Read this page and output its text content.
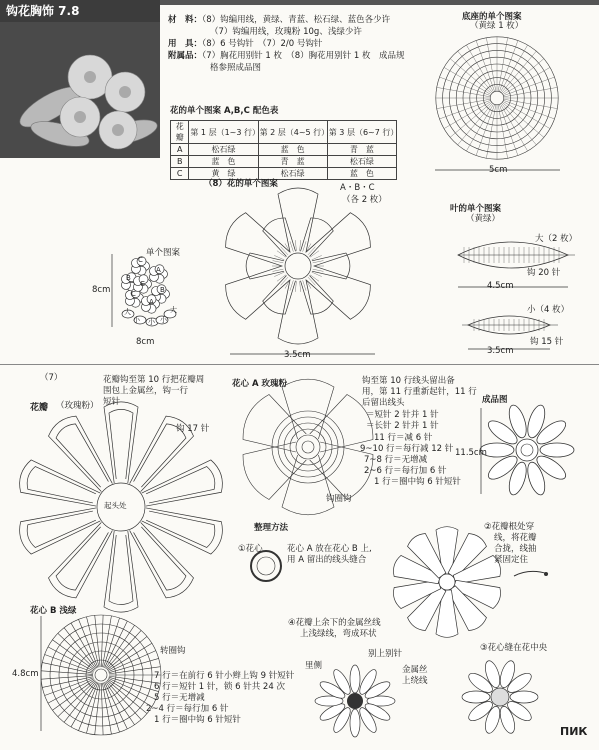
钩花胸饰 7.8
材　料：（8）钩编用线，黄绿、青蓝、松石绿、蓝色各少许
（7）钩编用线，玫瑰粉 10g、浅绿少许
用　具：（8）6 号钩针　（7）2/0 号钩针
附属品：（7）胸花用别针 1 枚　（8）胸花用别针 1 枚　成品规
格参照成品图
花的单个图案 A,B,C 配色表
花瓣	第 1 层（1~3 行）	第 2 层（4~5 行）	第 3 层（6~7 行）
A	松石绿	蓝　色	青　蓝
B	蓝　色	青　蓝	松石绿
C	黄　绿	松石绿	蓝　色
底座的单个图案
（黄绿 1 枚）
5cm
（8）花的单个图案	A・B・C
（各 2 枚）
3.5cm
单个图案
8cm
8cm
C
A
B
B
C
A
C
大	大
小 小 小
叶的单个图案
（黄绿）
大（2 枚）
钩 20 针
4.5cm
小（4 枚）
钩 15 针
3.5cm
（7）
花瓣 （玫瑰粉）
花瓣钩至第 10 行把花瓣周
围包上金属丝，钩一行
短针
钩 17 针
起头处
花心 A 玫瑰粉	钩至第 10 行线头留出备
用，第 11 行重新起针，11 行
后留出线头
＝短针 2 针并 1 针
＝长针 2 针并 1 针
11 行＝减 6 针
9~10 行＝每行减 12 针
7~8 行＝无增减
2~6 行＝每行加 6 针
1 行＝圈中钩 6 针短针
钩圈钩
成品图
11.5cm
整理方法
①花心	花心 A 放在花心 B 上,
用 A 留出的线头缝合
②花瓣根处穿
线，将花瓣
合拢，线抽
紧固定住
④花瓣上余下的金属丝线
上浅绿线，弯成环状
别上别针
里侧	金属丝
上绕线
③花心缝在花中央
花心 B 浅绿
4.8cm
转圈钩
7 行＝在前行 6 针小辫上钩 9 针短针
6 行＝短针 1 针，锁 6 针共 24 次
5 行＝无增减
2~4 行＝每行加 6 针
1 行＝圈中钩 6 针短针
ПИК
